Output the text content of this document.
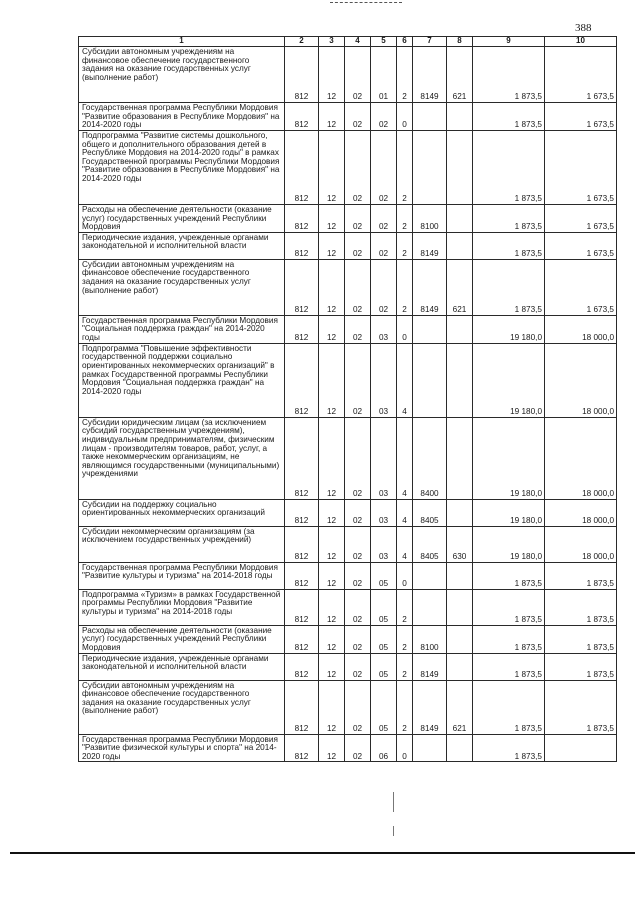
388
1	2	3	4	5	6	7	8	9	10
Субсидии автономным учреждениям на финансовое обеспечение государственного задания на оказание государственных услуг (выполнение работ)	812	12	02	01	2	8149	621	1 873,5	1 673,5
Государственная программа Республики Мордовия "Развитие образования в Республике Мордовия" на 2014-2020 годы	812	12	02	02	0			1 873,5	1 673,5
Подпрограмма "Развитие системы дошкольного, общего и дополнительного образования детей в Республике Мордовия на 2014-2020 годы" в рамках Государственной программы Республики Мордовия "Развитие образования в Республике Мордовия" на 2014-2020 годы	812	12	02	02	2			1 873,5	1 673,5
Расходы на обеспечение деятельности (оказание услуг) государственных учреждений Республики Мордовия	812	12	02	02	2	8100		1 873,5	1 673,5
Периодические издания, учрежденные органами законодательной и исполнительной власти	812	12	02	02	2	8149		1 873,5	1 673,5
Субсидии автономным учреждениям на финансовое обеспечение государственного задания на оказание государственных услуг (выполнение работ)	812	12	02	02	2	8149	621	1 873,5	1 673,5
Государственная программа Республики Мордовия "Социальная поддержка граждан" на 2014-2020 годы	812	12	02	03	0			19 180,0	18 000,0
Подпрограмма "Повышение эффективности государственной поддержки социально ориентированных некоммерческих организаций" в рамках Государственной программы Республики Мордовия "Социальная поддержка граждан" на 2014-2020 годы	812	12	02	03	4			19 180,0	18 000,0
Субсидии юридическим лицам (за исключением субсидий государственным учреждениям), индивидуальным предпринимателям, физическим лицам - производителям товаров, работ, услуг, а также некоммерческим организациям, не являющимся государственными (муниципальными) учреждениями	812	12	02	03	4	8400		19 180,0	18 000,0
Субсидии на поддержку социально ориентированных некоммерческих организаций	812	12	02	03	4	8405		19 180,0	18 000,0
Субсидии некоммерческим организациям (за исключением государственных учреждений)	812	12	02	03	4	8405	630	19 180,0	18 000,0
Государственная программа Республики Мордовия "Развитие культуры и туризма" на 2014-2018 годы	812	12	02	05	0			1 873,5	1 873,5
Подпрограмма «Туризм» в рамках Государственной программы Республики Мордовия "Развитие культуры и туризма" на 2014-2018 годы	812	12	02	05	2			1 873,5	1 873,5
Расходы на обеспечение деятельности (оказание услуг) государственных учреждений Республики Мордовия	812	12	02	05	2	8100		1 873,5	1 873,5
Периодические издания, учрежденные органами законодательной и исполнительной власти	812	12	02	05	2	8149		1 873,5	1 873,5
Субсидии автономным учреждениям на финансовое обеспечение государственного задания на оказание государственных услуг (выполнение работ)	812	12	02	05	2	8149	621	1 873,5	1 873,5
Государственная программа Республики Мордовия "Развитие физической культуры и спорта" на 2014-2020 годы	812	12	02	06	0			1 873,5	
